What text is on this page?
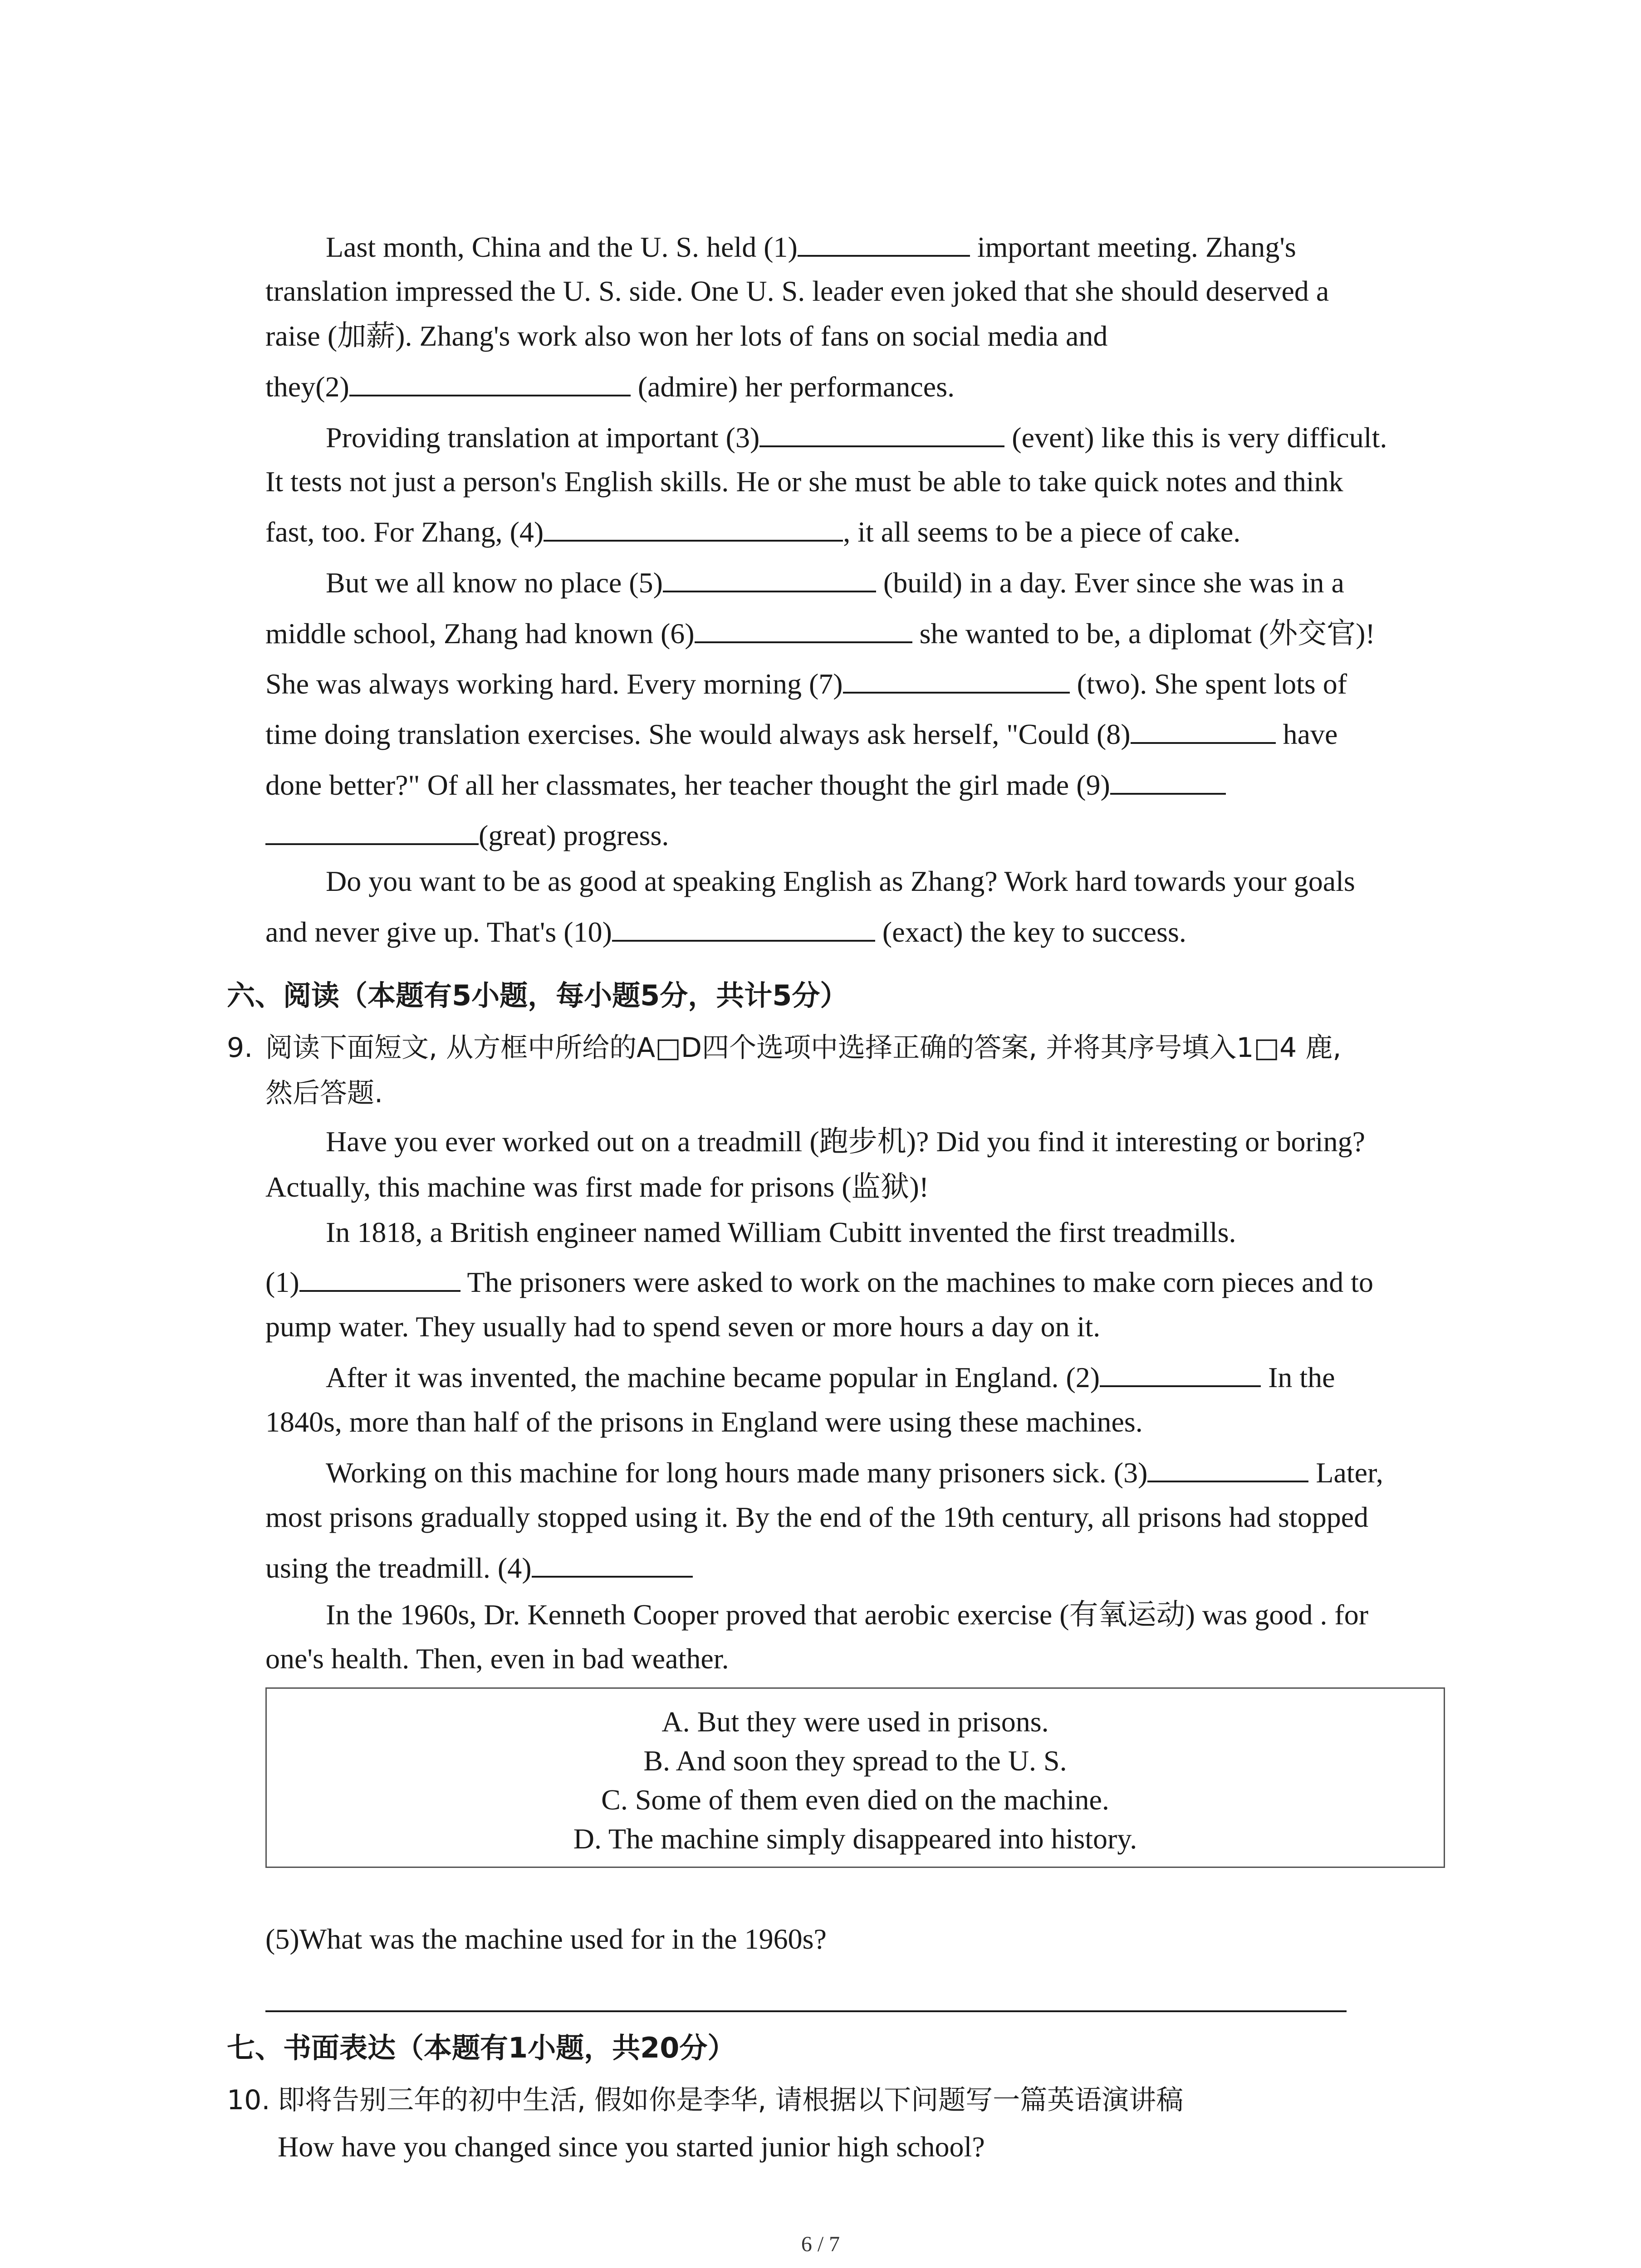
Last month, China and the U. S. held (1)	important meeting. Zhang's
translation impressed the U. S. side. One U. S. leader even joked that she should deserved a
raise (加薪). Zhang's work also won her lots of fans on social media and
they(2)	(admire) her performances.
Providing translation at important (3)	(event) like this is very difficult.
It tests not just a person's English skills. He or she must be able to take quick notes and think
fast, too. For Zhang, (4)	, it all seems to be a piece of cake.
But we all know no place (5)	(build) in a day. Ever since she was in a
middle school, Zhang had known (6)	she wanted to be, a diplomat (外交官)!
She was always working hard. Every morning (7)	(two). She spent lots of
time doing translation exercises. She would always ask herself, "Could (8)	have
done better?" Of all her classmates, her teacher thought the girl made (9)
(great) progress.
Do you want to be as good at speaking English as Zhang? Work hard towards your goals
and never give up. That's (10)	(exact) the key to success.
六、阅读（本题有5小题，每小题5分，共计5分）
9. 阅读下面短文, 从方框中所给的A□D四个选项中选择正确的答案, 并将其序号填入1□4 鹿,
然后答题.
Have you ever worked out on a treadmill (跑步机)? Did you find it interesting or boring?
Actually, this machine was first made for prisons (监狱)!
In 1818, a British engineer named William Cubitt invented the first treadmills.
(1)	The prisoners were asked to work on the machines to make corn pieces and to
pump water. They usually had to spend seven or more hours a day on it.
After it was invented, the machine became popular in England. (2)	In the
1840s, more than half of the prisons in England were using these machines.
Working on this machine for long hours made many prisoners sick. (3)	Later,
most prisons gradually stopped using it. By the end of the 19th century, all prisons had stopped
using the treadmill. (4)
In the 1960s, Dr. Kenneth Cooper proved that aerobic exercise (有氧运动) was good . for
one's health. Then, even in bad weather.
A. But they were used in prisons.
B. And soon they spread to the U. S.
C. Some of them even died on the machine.
D. The machine simply disappeared into history.
(5)What was the machine used for in the 1960s?
七、书面表达（本题有1小题，共20分）
10. 即将告别三年的初中生活, 假如你是李华, 请根据以下问题写一篇英语演讲稿
How have you changed since you started junior high school?
6 / 7
